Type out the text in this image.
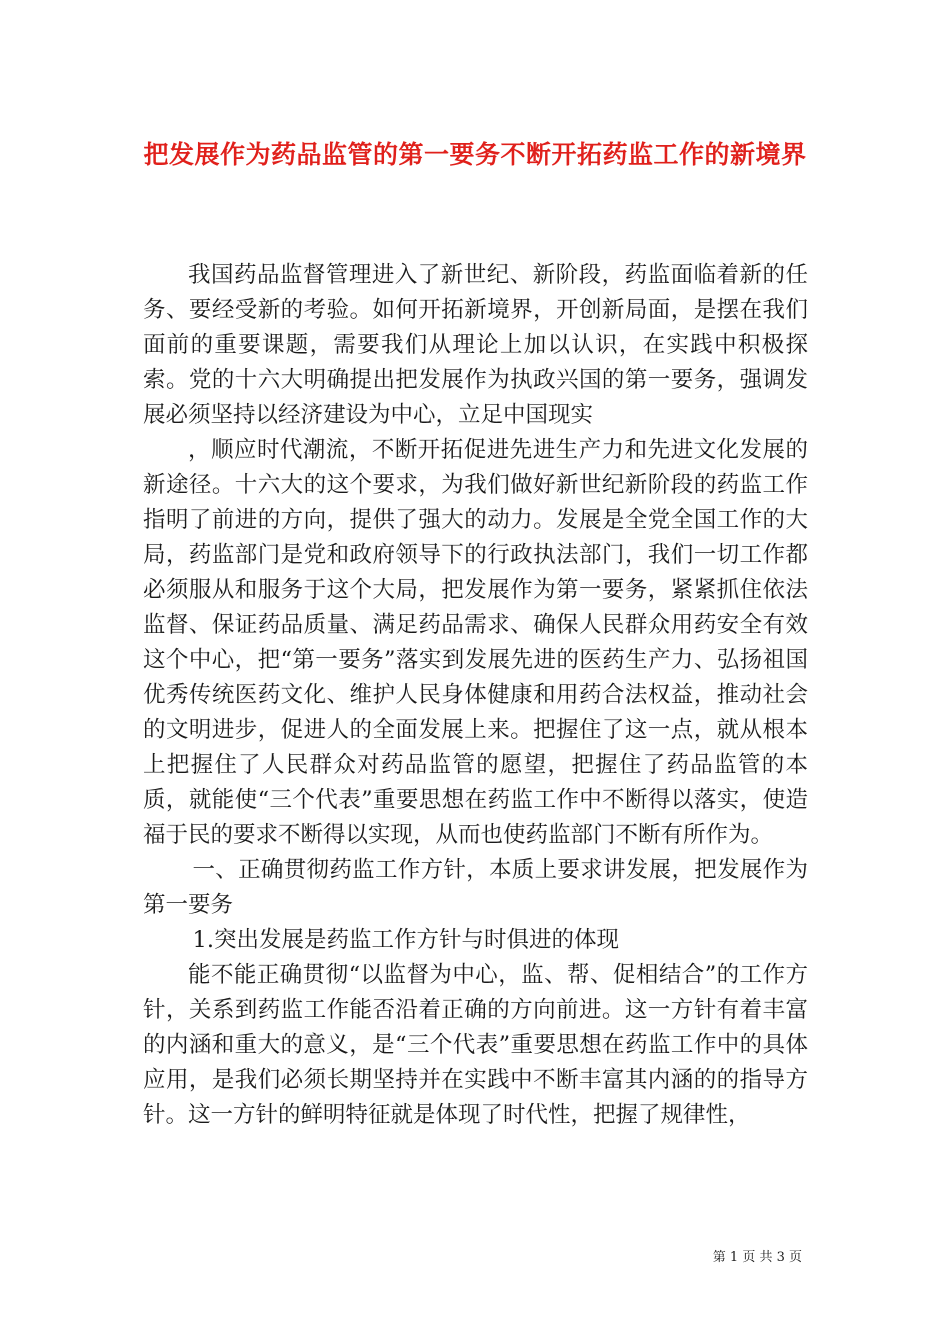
把发展作为药品监管的第一要务不断开拓药监工作的新境界

我国药品监督管理进入了新世纪、新阶段，药监面临着新的任务、要经受新的考验。如何开拓新境界，开创新局面，是摆在我们面前的重要课题，需要我们从理论上加以认识，在实践中积极探索。党的十六大明确提出把发展作为执政兴国的第一要务，强调发展必须坚持以经济建设为中心，立足中国现实

，顺应时代潮流，不断开拓促进先进生产力和先进文化发展的新途径。十六大的这个要求，为我们做好新世纪新阶段的药监工作指明了前进的方向，提供了强大的动力。发展是全党全国工作的大局，药监部门是党和政府领导下的行政执法部门，我们一切工作都必须服从和服务于这个大局，把发展作为第一要务，紧紧抓住依法监督、保证药品质量、满足药品需求、确保人民群众用药安全有效这个中心，把“第一要务”落实到发展先进的医药生产力、弘扬祖国优秀传统医药文化、维护人民身体健康和用药合法权益，推动社会的文明进步，促进人的全面发展上来。把握住了这一点，就从根本上把握住了人民群众对药品监管的愿望，把握住了药品监管的本质，就能使“三个代表”重要思想在药监工作中不断得以落实，使造福于民的要求不断得以实现，从而也使药监部门不断有所作为。

一、正确贯彻药监工作方针，本质上要求讲发展，把发展作为第一要务

1.突出发展是药监工作方针与时俱进的体现

能不能正确贯彻“以监督为中心，监、帮、促相结合”的工作方针，关系到药监工作能否沿着正确的方向前进。这一方针有着丰富的内涵和重大的意义，是“三个代表”重要思想在药监工作中的具体应用，是我们必须长期坚持并在实践中不断丰富其内涵的的指导方针。这一方针的鲜明特征就是体现了时代性，把握了规律性，

第 1 页 共 3 页
